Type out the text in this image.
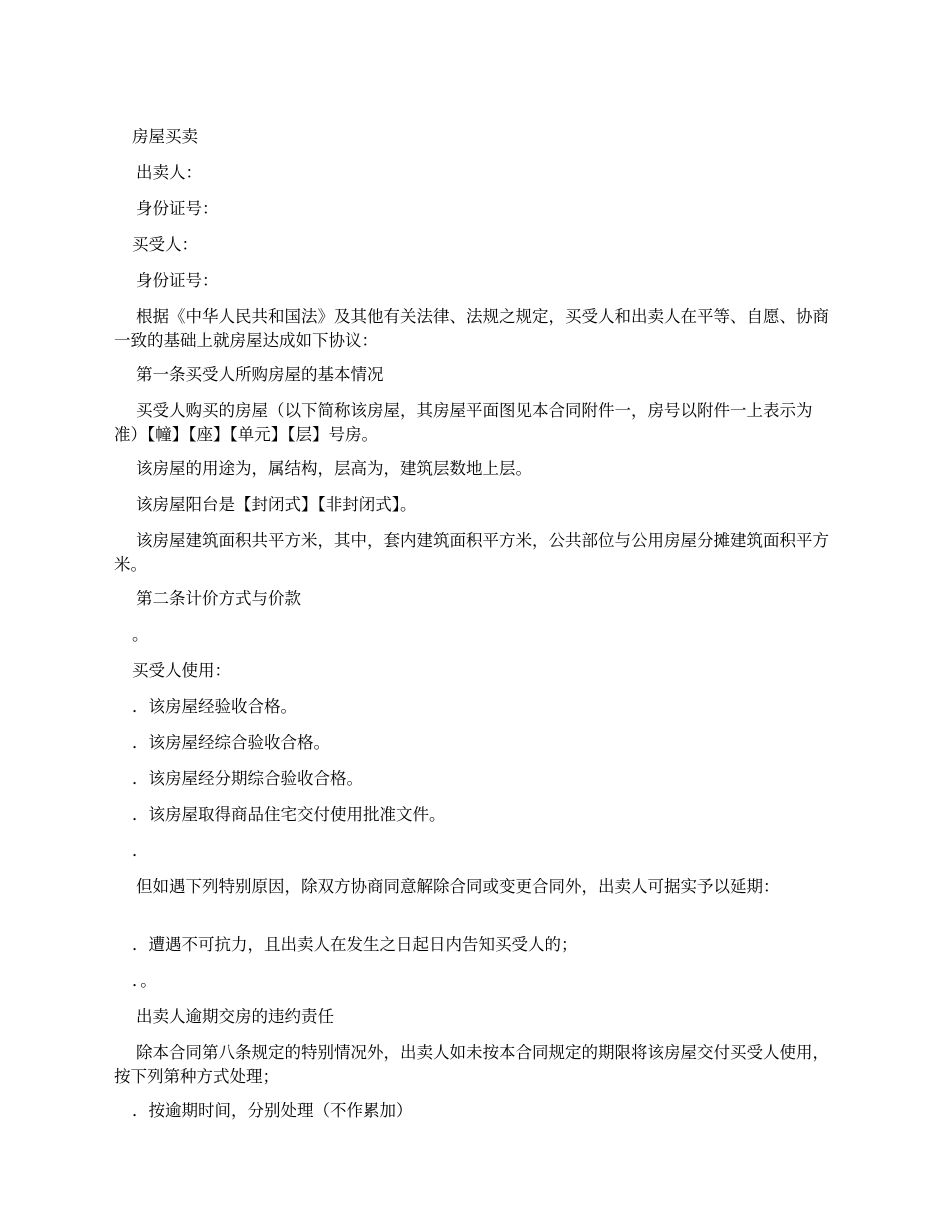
房屋买卖
出卖人：
身份证号：
买受人：
身份证号：
根据《中华人民共和国法》及其他有关法律、法规之规定，买受人和出卖人在平等、自愿、协商一致的基础上就房屋达成如下协议：
第一条买受人所购房屋的基本情况
买受人购买的房屋（以下简称该房屋，其房屋平面图见本合同附件一，房号以附件一上表示为准）【幢】【座】【单元】【层】号房。
该房屋的用途为，属结构，层高为，建筑层数地上层。
该房屋阳台是【封闭式】【非封闭式】。
该房屋建筑面积共平方米，其中，套内建筑面积平方米，公共部位与公用房屋分摊建筑面积平方米。
第二条计价方式与价款
。
买受人使用：
．该房屋经验收合格。
．该房屋经综合验收合格。
．该房屋经分期综合验收合格。
．该房屋取得商品住宅交付使用批准文件。
．
但如遇下列特别原因，除双方协商同意解除合同或变更合同外，出卖人可据实予以延期：
．遭遇不可抗力，且出卖人在发生之日起日内告知买受人的；
．。
出卖人逾期交房的违约责任
除本合同第八条规定的特别情况外，出卖人如未按本合同规定的期限将该房屋交付买受人使用，按下列第种方式处理；
．按逾期时间，分别处理（不作累加）
